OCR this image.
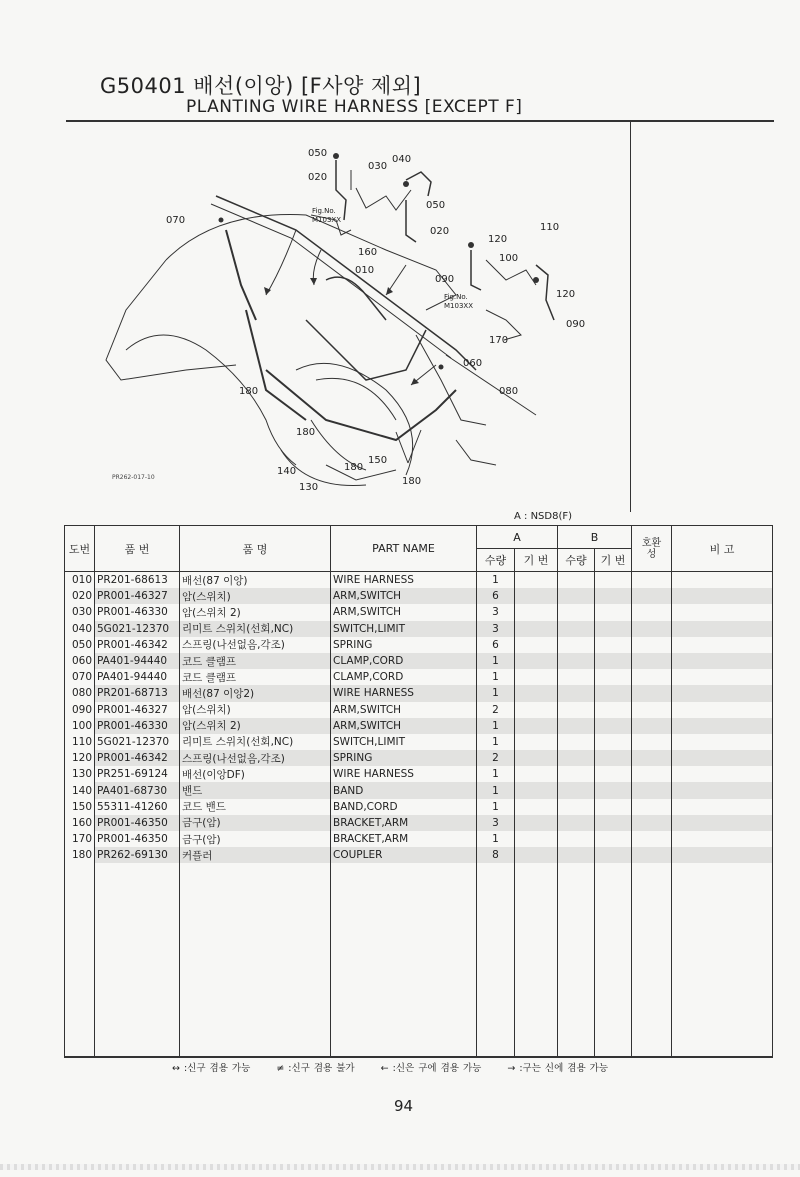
G50401 배선(이앙) [F사양 제외]
PLANTING WIRE HARNESS [EXCEPT F]
050
040
030
020
050
020
070
110
120
100
010
160
090
120
090
170
060
080
180
180
140	180
150
130
180
Fig.No.
M103XX
Fig.No.
M103XX
PR262-017-10
A : NSD8(F)
도번	품 번	품 명	PART NAME	A		B		호환성	비 고
				수량	기 번	수량	기 번		
010	PR201-68613	배선(87 이앙)	WIRE HARNESS	1					
020	PR001-46327	암(스위치)	ARM,SWITCH	6					
030	PR001-46330	암(스위치 2)	ARM,SWITCH	3					
040	5G021-12370	리미트 스위치(선회,NC)	SWITCH,LIMIT	3					
050	PR001-46342	스프링(나선없음,각조)	SPRING	6					
060	PA401-94440	코드 클램프	CLAMP,CORD	1					
070	PA401-94440	코드 클램프	CLAMP,CORD	1					
080	PR201-68713	배선(87 이앙2)	WIRE HARNESS	1					
090	PR001-46327	암(스위치)	ARM,SWITCH	2					
100	PR001-46330	암(스위치 2)	ARM,SWITCH	1					
110	5G021-12370	리미트 스위치(선회,NC)	SWITCH,LIMIT	1					
120	PR001-46342	스프링(나선없음,각조)	SPRING	2					
130	PR251-69124	배선(이앙DF)	WIRE HARNESS	1					
140	PA401-68730	밴드	BAND	1					
150	55311-41260	코드 밴드	BAND,CORD	1					
160	PR001-46350	금구(암)	BRACKET,ARM	3					
170	PR001-46350	금구(암)	BRACKET,ARM	1					
180	PR262-69130	커플러	COUPLER	8					

↔ :신구 겸용 가능	≠ :신구 겸용 불가	← :신은 구에 겸용 가능	→ :구는 신에 겸용 가능
94
